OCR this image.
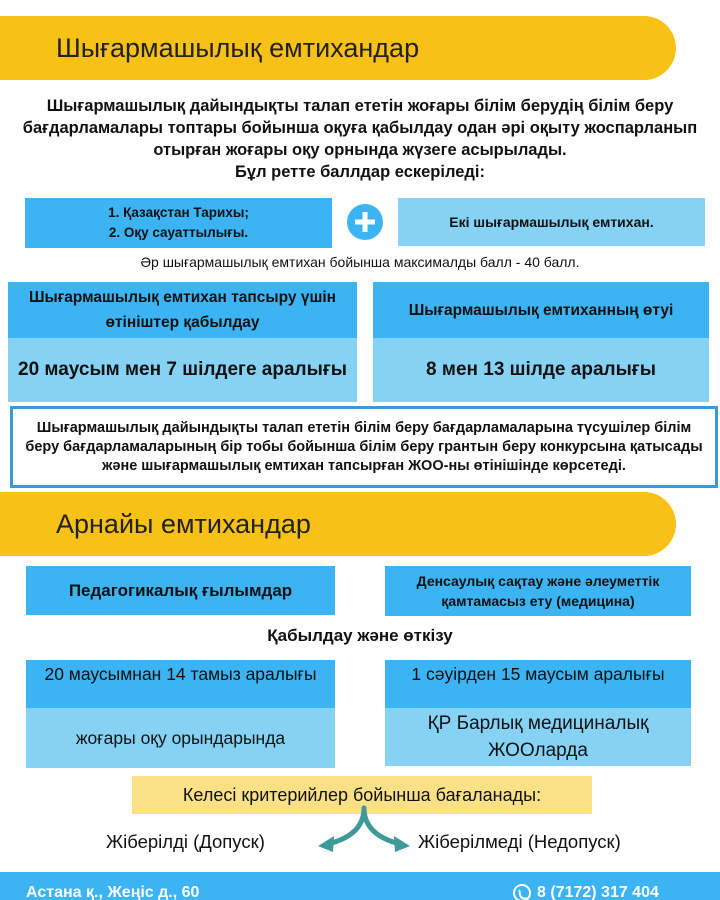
Шығармашылық емтихандар
Шығармашылық дайындықты талап ететін жоғары білім берудің білім беру бағдарламалары топтары бойынша оқуға қабылдау одан әрі оқыту жоспарланып отырған жоғары оқу орнында жүзеге асырылады.
Бұл ретте баллдар ескеріледі:
1. Қазақстан Тарихы;
2. Оқу сауаттылығы.
Екі шығармашылық емтихан.
Әр шығармашылық емтихан бойынша максималды балл - 40 балл.
Шығармашылық емтихан тапсыру үшін өтініштер қабылдау
20 маусым мен 7 шілдеге аралығы
Шығармашылық емтиханның өтуі
8 мен 13 шілде аралығы
Шығармашылық дайындықты талап ететін білім беру бағдарламаларына түсушілер білім беру бағдарламаларының бір тобы бойынша білім беру грантын беру конкурсына қатысады және шығармашылық емтихан тапсырған ЖОО-ны өтінішінде көрсетеді.
Арнайы емтихандар
Педагогикалық ғылымдар	Денсаулық сақтау және әлеуметтік қамтамасыз ету (медицина)
Қабылдау және өткізу
20 маусымнан 14 тамыз аралығы
жоғары оқу орындарында
1 сәуірден 15 маусым аралығы
ҚР Барлық медициналық ЖООларда
Келесі критерийлер бойынша бағаланады:
Жіберілді (Допуск)	Жіберілмеді (Недопуск)
Астана қ., Жеңіс д., 60	8 (7172) 317 404
